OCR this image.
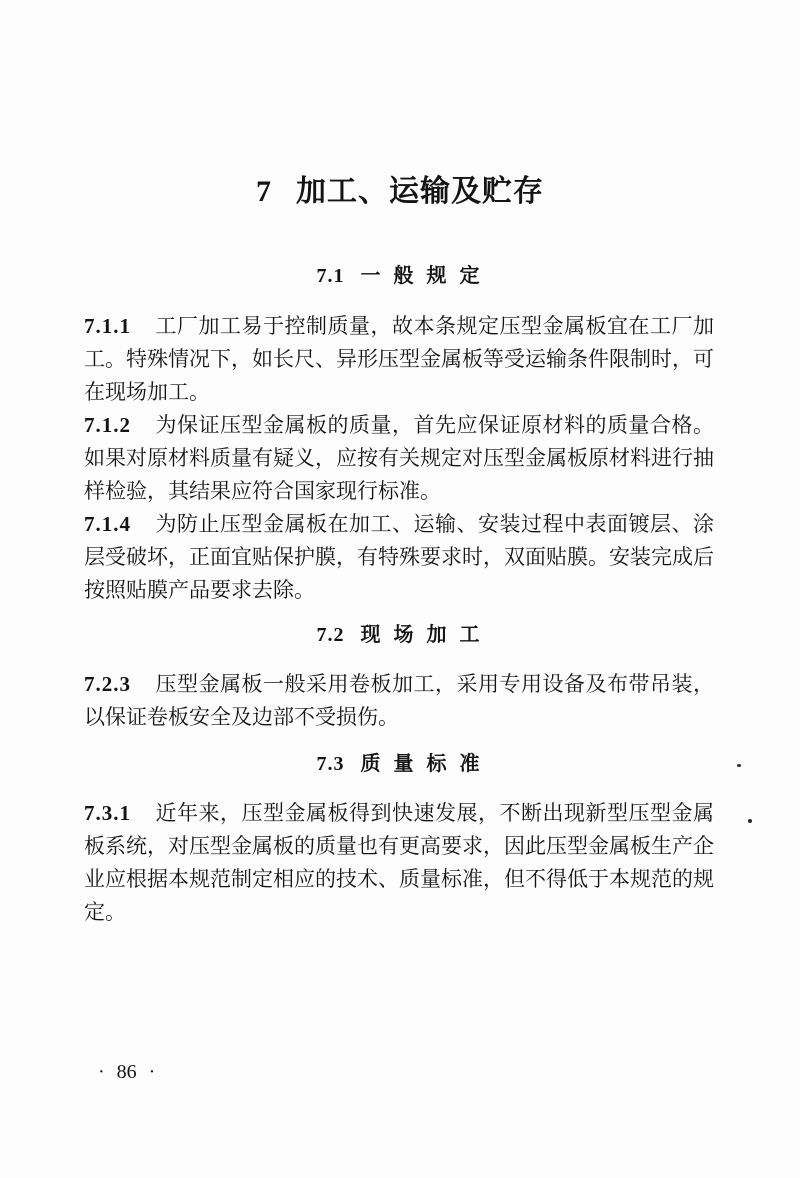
7 加工、运输及贮存
7.1 一 般 规 定

7.1.1 工厂加工易于控制质量，故本条规定压型金属板宜在工厂加工。特殊情况下，如长尺、异形压型金属板等受运输条件限制时，可在现场加工。

7.1.2 为保证压型金属板的质量，首先应保证原材料的质量合格。如果对原材料质量有疑义，应按有关规定对压型金属板原材料进行抽样检验，其结果应符合国家现行标准。

7.1.4 为防止压型金属板在加工、运输、安装过程中表面镀层、涂层受破坏，正面宜贴保护膜，有特殊要求时，双面贴膜。安装完成后按照贴膜产品要求去除。

7.2 现 场 加 工

7.2.3 压型金属板一般采用卷板加工，采用专用设备及布带吊装，以保证卷板安全及边部不受损伤。

7.3 质 量 标 准

7.3.1 近年来，压型金属板得到快速发展，不断出现新型压型金属板系统，对压型金属板的质量也有更高要求，因此压型金属板生产企业应根据本规范制定相应的技术、质量标准，但不得低于本规范的规定。

· 86 ·
